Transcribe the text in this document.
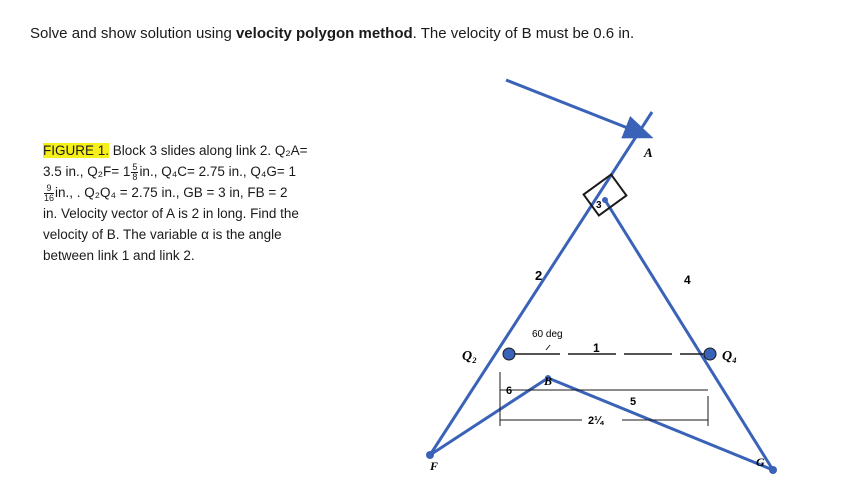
Solve and show solution using velocity polygon method. The velocity of B must be 0.6 in.
FIGURE 1. Block 3 slides along link 2. Q₂A=
3.5 in., $Q_2F= 1 \frac{5}{8}$ in., Q₄C= 2.75 in., Q₄G= 1
$\frac{9}{16}$ in., . Q₂Q₄ = 2.75 in., GB = 3 in, FB = 2
in. Velocity vector of A is 2 in long. Find the
velocity of B. The variable α is the angle
between link 1 and link 2.
A
Q₂	Q₄
B
F	G
2
3
4
1
5
6
60 deg
2¼
